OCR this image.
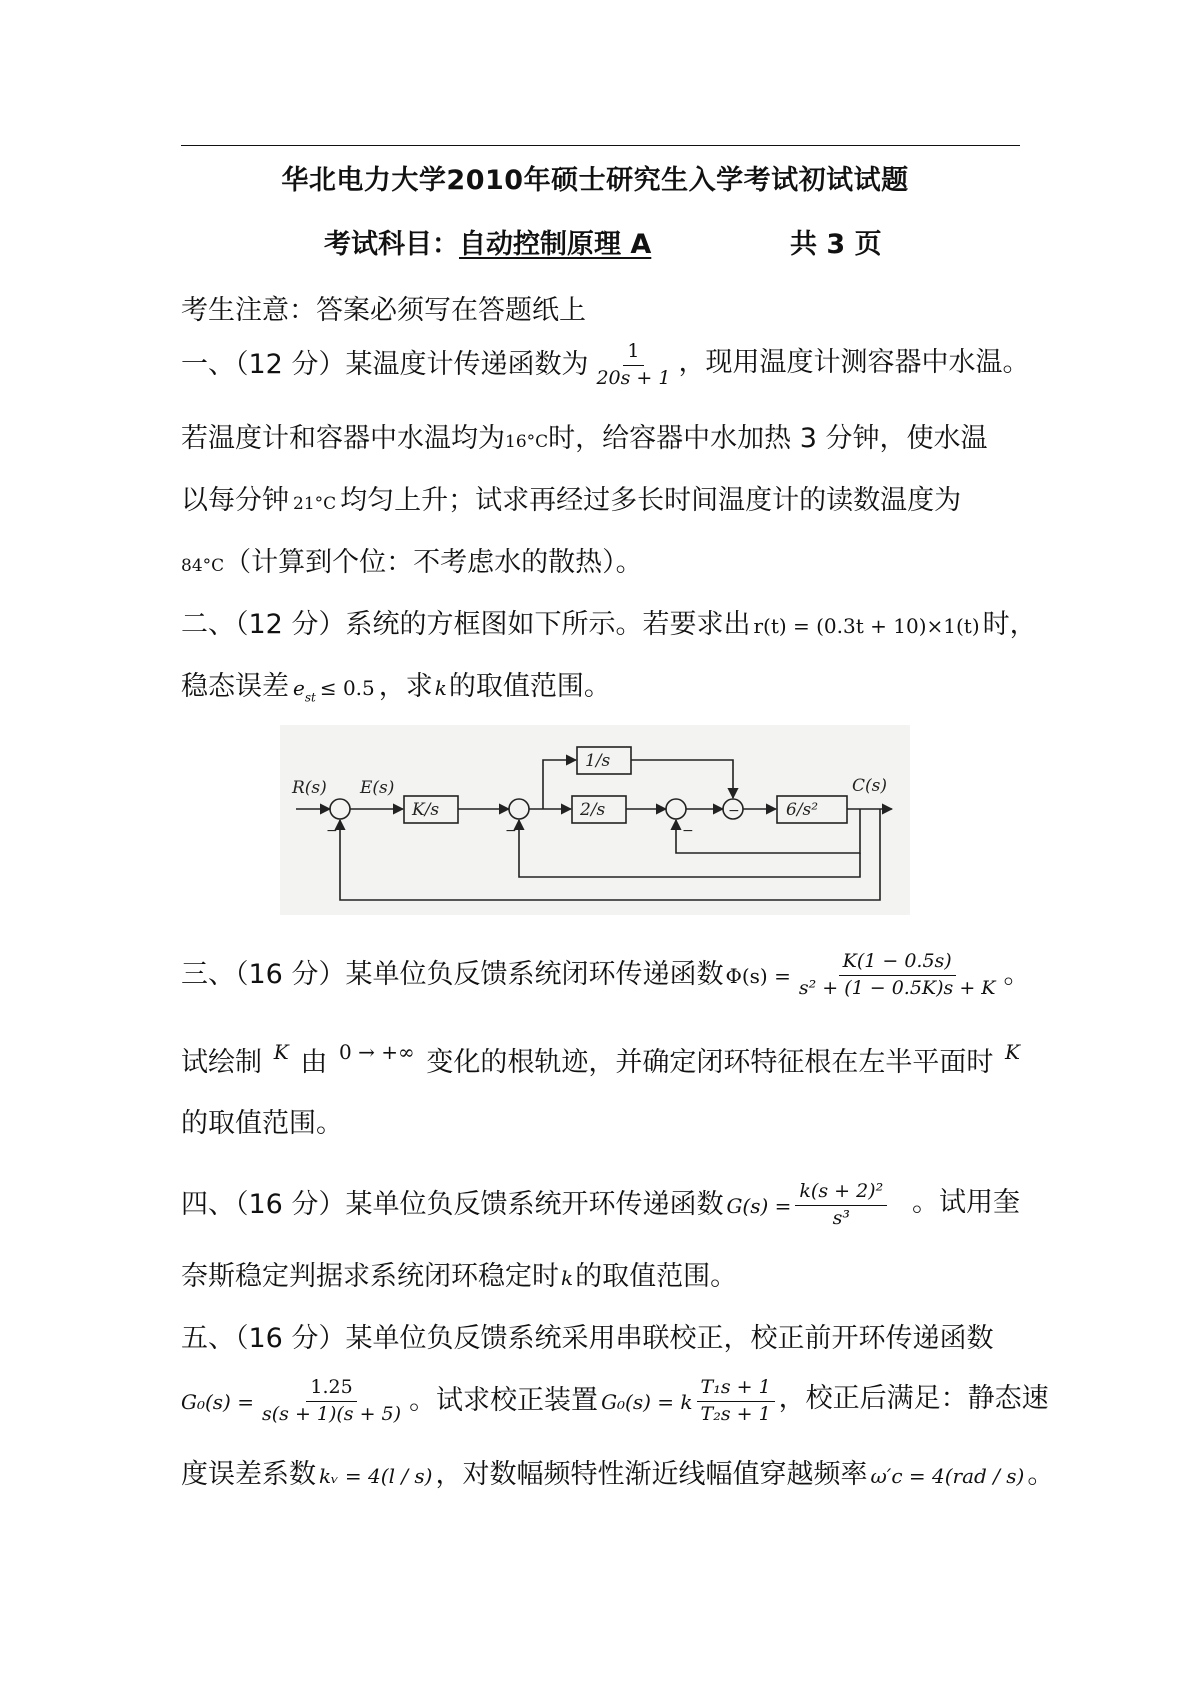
华北电力大学2010年硕士研究生入学考试初试试题
考试科目：自动控制原理 A	共 3 页
考生注意：答案必须写在答题纸上
一、（12 分）某温度计传递函数为 $\frac{1}{20s + 1}$ ，现用温度计测容器中水温。
若温度计和容器中水温均为16°C时，给容器中水加热 3 分钟，使水温
以每分钟 21°C 均匀上升；试求再经过多长时间温度计的读数温度为
84°C（计算到个位：不考虑水的散热）。
二、（12 分）系统的方框图如下所示。若要求出 r(t) = (0.3t + 10)×1(t) 时，
稳态误差 $e_{st} \le 0.5$ ，求 k的取值范围。
K/s
1/s
2/s	6/s²
R(s) E(s)	C(s)
−	−	−
−
三、（16 分）某单位负反馈系统闭环传递函数 $\Phi(s) = \frac{K(1 - 0.5s)}{\text{s² + (1 − 0.5K)s + K}}$ 。
试绘制 K 由 0 → +∞ 变化的根轨迹，并确定闭环特征根在左半平面时 K
的取值范围。
四、（16 分）某单位负反馈系统开环传递函数 $G(s) = \frac{\text{k(s + 2)²}}{\text{s³}}$ 。试用奎
奈斯稳定判据求系统闭环稳定时 k的取值范围。
五、（16 分）某单位负反馈系统采用串联校正，校正前开环传递函数
$G_0(s) = \frac{1.25}{s(s + 1)(s + 5)}$ 。试求校正装置 G₀(s) = k $\frac{\text{T₁s + 1}}{\text{T₂s + 1}}$ ，校正后满足：静态速
度误差系数 kᵥ = 4(l / s) ，对数幅频特性渐近线幅值穿越频率 ω′c = 4(rad / s) 。
